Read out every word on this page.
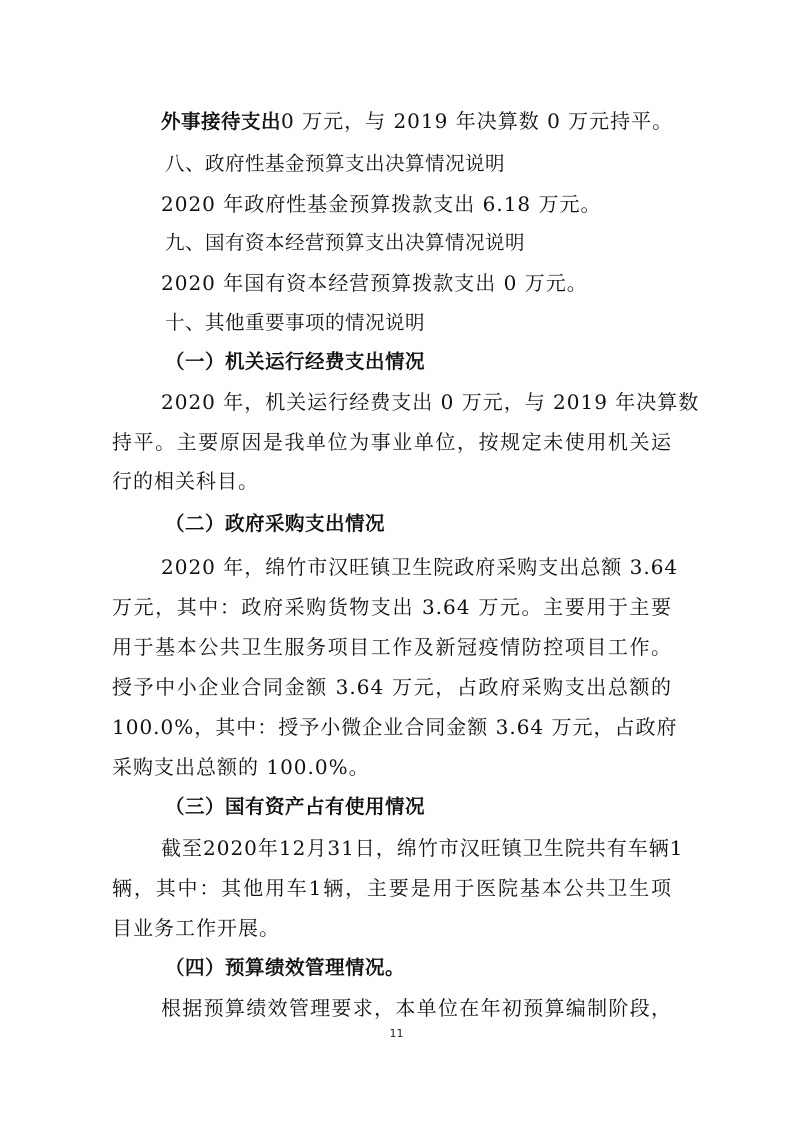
外事接待支出0 万元，与 2019 年决算数 0 万元持平。
八、政府性基金预算支出决算情况说明
2020 年政府性基金预算拨款支出 6.18 万元。
九、国有资本经营预算支出决算情况说明
2020 年国有资本经营预算拨款支出 0 万元。
十、其他重要事项的情况说明
（一）机关运行经费支出情况
2020 年，机关运行经费支出 0 万元，与 2019 年决算数
持平。主要原因是我单位为事业单位，按规定未使用机关运
行的相关科目。
（二）政府采购支出情况
2020 年，绵竹市汉旺镇卫生院政府采购支出总额 3.64
万元，其中：政府采购货物支出 3.64 万元。主要用于主要
用于基本公共卫生服务项目工作及新冠疫情防控项目工作。
授予中小企业合同金额 3.64 万元，占政府采购支出总额的
100.0%，其中：授予小微企业合同金额 3.64 万元，占政府
采购支出总额的 100.0%。
（三）国有资产占有使用情况
截至2020年12月31日，绵竹市汉旺镇卫生院共有车辆1
辆，其中：其他用车1辆，主要是用于医院基本公共卫生项
目业务工作开展。
（四）预算绩效管理情况。
根据预算绩效管理要求，本单位在年初预算编制阶段，
11
